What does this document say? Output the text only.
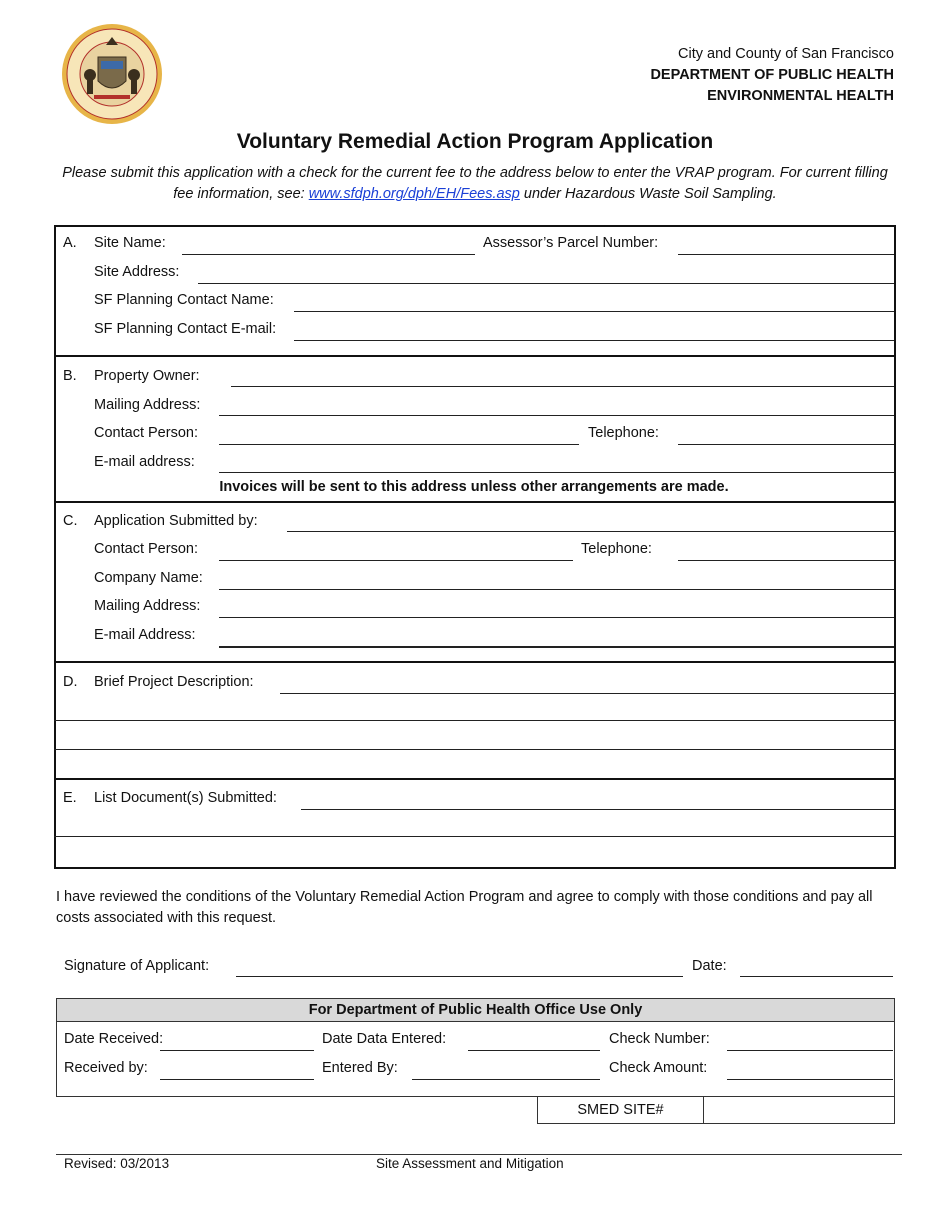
City and County of San Francisco
DEPARTMENT OF PUBLIC HEALTH
ENVIRONMENTAL HEALTH
Voluntary Remedial Action Program Application
Please submit this application with a check for the current fee to the address below to enter the VRAP program. For current filling fee information, see: www.sfdph.org/dph/EH/Fees.asp under Hazardous Waste Soil Sampling.
A. Site Name:	Assessor’s Parcel Number:
Site Address:
SF Planning Contact Name:
SF Planning Contact E-mail:
B. Property Owner:
Mailing Address:
Contact Person:	Telephone:
E-mail address:
Invoices will be sent to this address unless other arrangements are made.
C. Application Submitted by:
Contact Person:	Telephone:
Company Name:
Mailing Address:
E-mail Address:
D. Brief Project Description:
E. List Document(s) Submitted:
I have reviewed the conditions of the Voluntary Remedial Action Program and agree to comply with those conditions and pay all costs associated with this request.
Signature of Applicant:	Date:
For Department of Public Health Office Use Only
Date Received:	Date Data Entered:	Check Number:
Received by:	Entered By:	Check Amount:
SMED SITE#
Revised: 03/2013	Site Assessment and Mitigation
